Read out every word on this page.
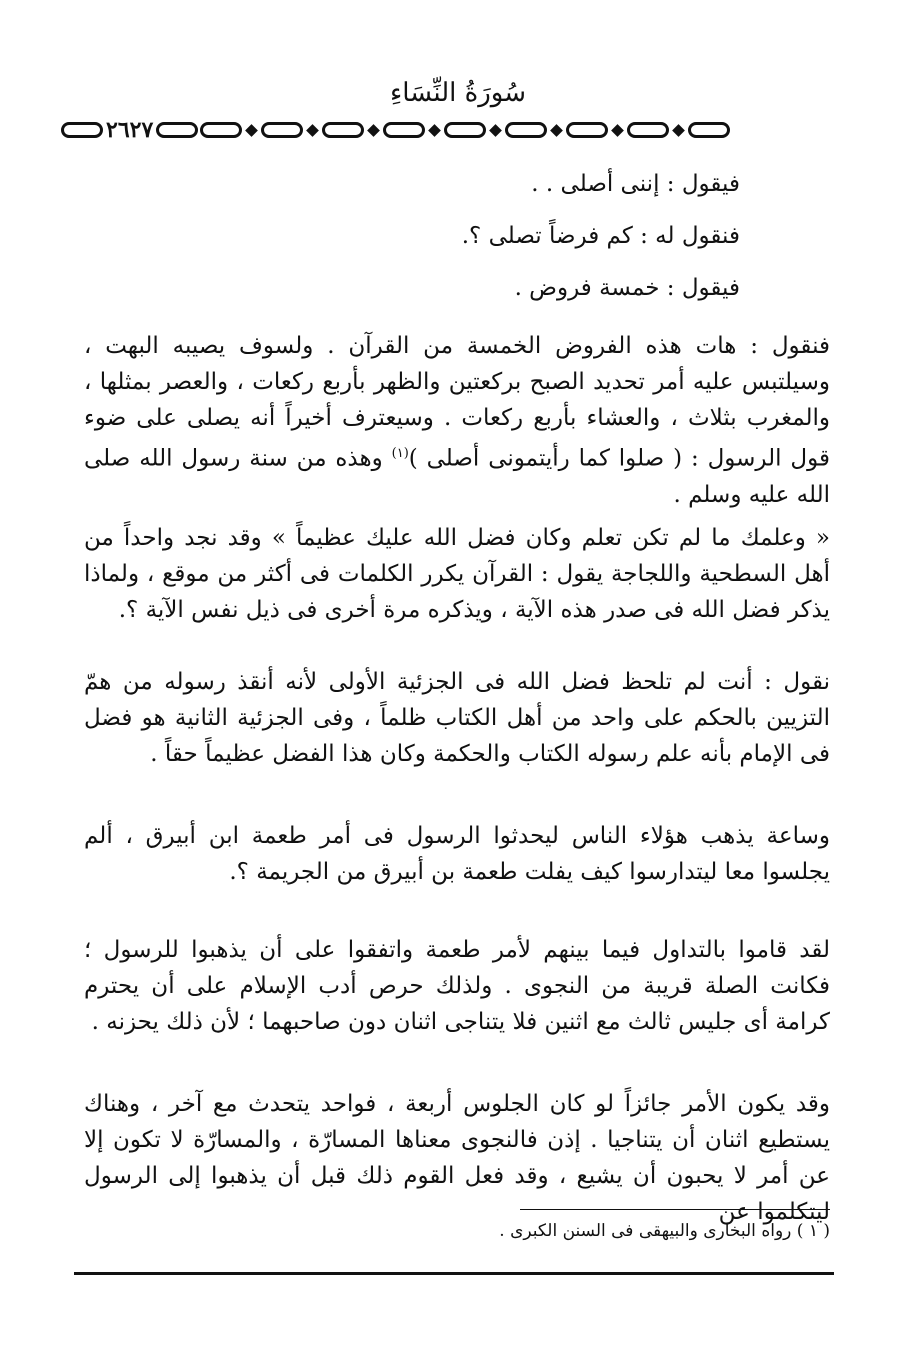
سُورَةُ النِّسَاءِ
٢٦٢٧

فيقول : إننى أصلى . .

فنقول له : كم فرضاً تصلى ؟.

فيقول : خمسة فروض .

فنقول : هات هذه الفروض الخمسة من القرآن . ولسوف يصيبه البهت ، وسيلتبس عليه أمر تحديد الصبح بركعتين والظهر بأربع ركعات ، والعصر بمثلها ، والمغرب بثلاث ، والعشاء بأربع ركعات . وسيعترف أخيراً أنه يصلى على ضوء قول الرسول : ( صلوا كما رأيتمونى أصلى )$^{(١)}$ وهذه من سنة رسول الله صلى الله عليه وسلم .

« وعلمك ما لم تكن تعلم وكان فضل الله عليك عظيماً » وقد نجد واحداً من أهل السطحية واللجاجة يقول : القرآن يكرر الكلمات فى أكثر من موقع ، ولماذا يذكر فضل الله فى صدر هذه الآية ، ويذكره مرة أخرى فى ذيل نفس الآية ؟.

نقول : أنت لم تلحظ فضل الله فى الجزئية الأولى لأنه أنقذ رسوله من همّ التزيين بالحكم على واحد من أهل الكتاب ظلماً ، وفى الجزئية الثانية هو فضل فى الإمام بأنه علم رسوله الكتاب والحكمة وكان هذا الفضل عظيماً حقاً .

وساعة يذهب هؤلاء الناس ليحدثوا الرسول فى أمر طعمة ابن أبيرق ، ألم يجلسوا معا ليتدارسوا كيف يفلت طعمة بن أبيرق من الجريمة ؟.

لقد قاموا بالتداول فيما بينهم لأمر طعمة واتفقوا على أن يذهبوا للرسول ؛ فكانت الصلة قريبة من النجوى . ولذلك حرص أدب الإسلام على أن يحترم كرامة أى جليس ثالث مع اثنين فلا يتناجى اثنان دون صاحبهما ؛ لأن ذلك يحزنه .

وقد يكون الأمر جائزاً لو كان الجلوس أربعة ، فواحد يتحدث مع آخر ، وهناك يستطيع اثنان أن يتناجيا . إذن فالنجوى معناها المسارّة ، والمسارّة لا تكون إلا عن أمر لا يحبون أن يشيع ، وقد فعل القوم ذلك قبل أن يذهبوا إلى الرسول ليتكلموا عن

( ١ ) رواه البخارى والبيهقى فى السنن الكبرى .
